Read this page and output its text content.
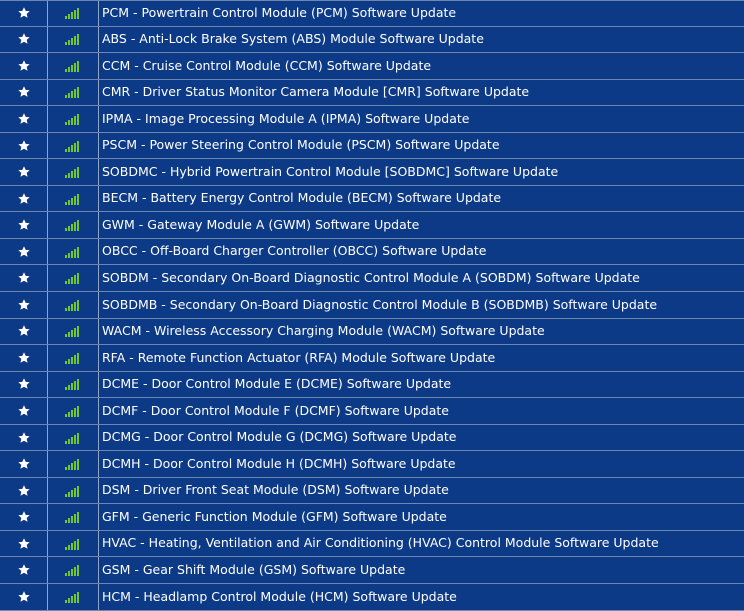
PCM - Powertrain Control Module (PCM) Software Update
ABS - Anti-Lock Brake System (ABS) Module Software Update
CCM - Cruise Control Module (CCM) Software Update
CMR - Driver Status Monitor Camera Module [CMR] Software Update
IPMA - Image Processing Module A (IPMA) Software Update
PSCM - Power Steering Control Module (PSCM) Software Update
SOBDMC - Hybrid Powertrain Control Module [SOBDMC] Software Update
BECM - Battery Energy Control Module (BECM) Software Update
GWM - Gateway Module A (GWM) Software Update
OBCC - Off-Board Charger Controller (OBCC) Software Update
SOBDM - Secondary On-Board Diagnostic Control Module A (SOBDM) Software Update
SOBDMB - Secondary On-Board Diagnostic Control Module B (SOBDMB) Software Update
WACM - Wireless Accessory Charging Module (WACM) Software Update
RFA - Remote Function Actuator (RFA) Module Software Update
DCME - Door Control Module E (DCME) Software Update
DCMF - Door Control Module F (DCMF) Software Update
DCMG - Door Control Module G (DCMG) Software Update
DCMH - Door Control Module H (DCMH) Software Update
DSM - Driver Front Seat Module (DSM) Software Update
GFM - Generic Function Module (GFM) Software Update
HVAC - Heating, Ventilation and Air Conditioning (HVAC) Control Module Software Update
GSM - Gear Shift Module (GSM) Software Update
HCM - Headlamp Control Module (HCM) Software Update
